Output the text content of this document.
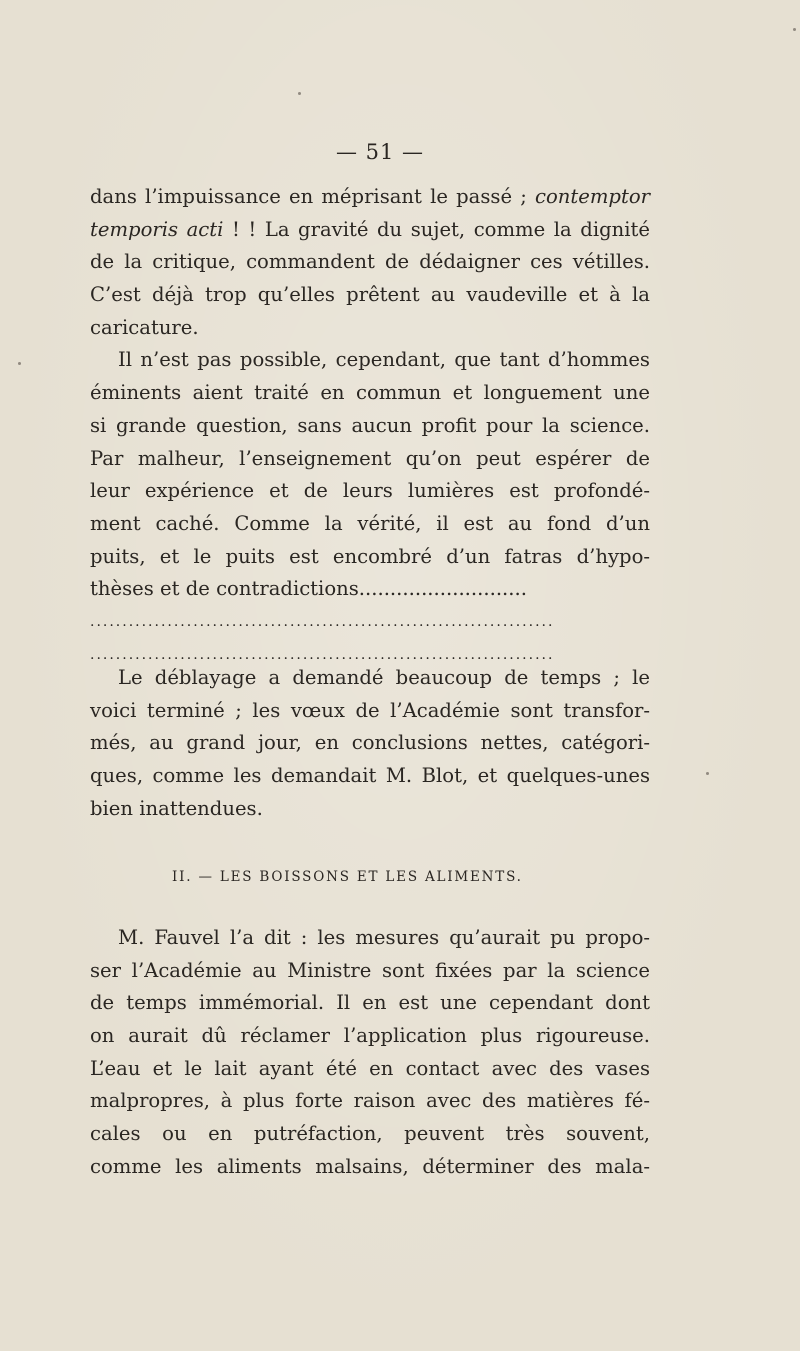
— 51 —
dans l’impuissance en méprisant le passé ; contemptor
temporis acti ! ! La gravité du sujet, comme la dignité
de la critique, commandent de dédaigner ces vétilles.
C’est déjà trop qu’elles prêtent au vaudeville et à la
caricature.
Il n’est pas possible, cependant, que tant d’hommes
éminents aient traité en commun et longuement une
si grande question, sans aucun profit pour la science.
Par malheur, l’enseignement qu’on peut espérer de
leur expérience et de leurs lumières est profondé-
ment caché. Comme la vérité, il est au fond d’un
puits, et le puits est encombré d’un fatras d’hypo-
thèses et de contradictions...........................
........................................................................
........................................................................
Le déblayage a demandé beaucoup de temps ; le
voici terminé ; les vœux de l’Académie sont transfor-
més, au grand jour, en conclusions nettes, catégori-
ques, comme les demandait M. Blot, et quelques-unes
bien inattendues.
II. — LES BOISSONS ET LES ALIMENTS.
M. Fauvel l’a dit : les mesures qu’aurait pu propo-
ser l’Académie au Ministre sont fixées par la science
de temps immémorial. Il en est une cependant dont
on aurait dû réclamer l’application plus rigoureuse.
L’eau et le lait ayant été en contact avec des vases
malpropres, à plus forte raison avec des matières fé-
cales ou en putréfaction, peuvent très souvent,
comme les aliments malsains, déterminer des mala-
